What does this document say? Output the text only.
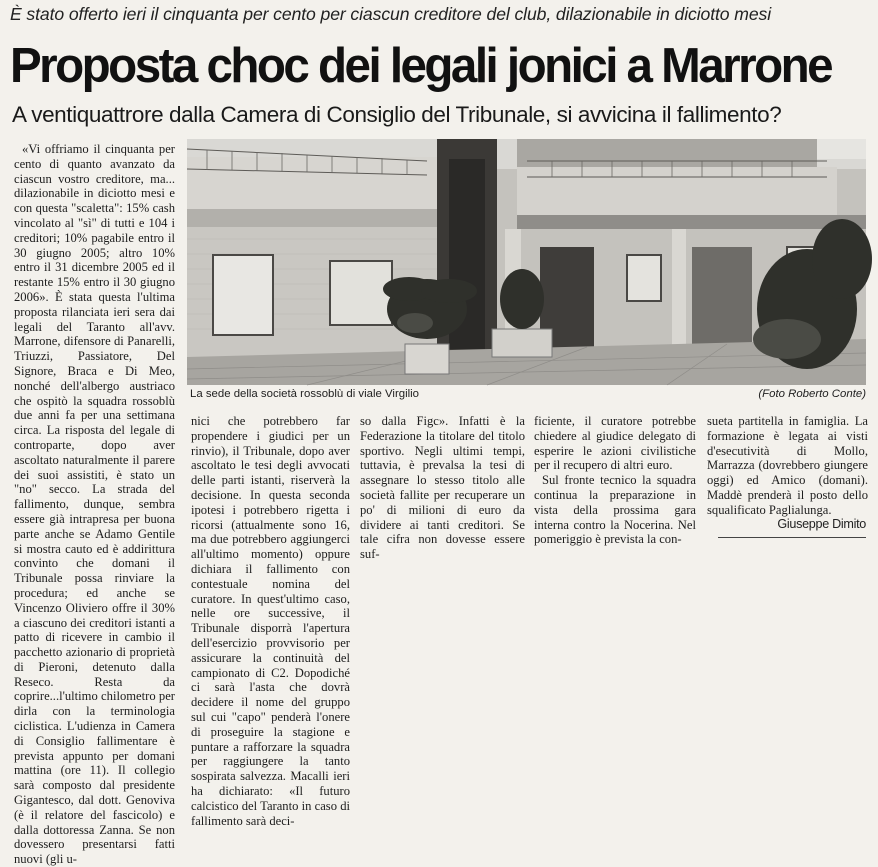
È stato offerto ieri il cinquanta per cento per ciascun creditore del club, dilazionabile in diciotto mesi
Proposta choc dei legali jonici a Marrone
A ventiquattrore dalla Camera di Consiglio del Tribunale, si avvicina il fallimento?

«Vi offriamo il cinquanta per cento di quanto avanzato da ciascun vostro creditore, ma... dilazionabile in diciotto mesi e con questa "scaletta": 15% cash vincolato al "sì" di tutti e 104 i creditori; 10% pagabile entro il 30 giugno 2005; altro 10% entro il 31 dicembre 2005 ed il restante 15% entro il 30 giugno 2006». È stata questa l'ultima proposta rilanciata ieri sera dai legali del Taranto all'avv. Marrone, difensore di Panarelli, Triuzzi, Passiatore, Del Signore, Braca e Di Meo, nonché dell'albergo austriaco che ospitò la squadra rossoblù due anni fa per una settimana circa. La risposta del legale di controparte, dopo aver ascoltato naturalmente il parere dei suoi assistiti, è stato un "no" secco. La strada del fallimento, dunque, sembra essere già intrapresa per buona parte anche se Adamo Gentile si mostra cauto ed è addirittura convinto che domani il Tribunale possa rinviare la procedura; ed anche se Vincenzo Oliviero offre il 30% a ciascuno dei creditori istanti a patto di ricevere in cambio il pacchetto azionario di proprietà di Pieroni, detenuto dalla Reseco. Resta da coprire...l'ultimo chilometro per dirla con la terminologia ciclistica. L'udienza in Camera di Consiglio fallimentare è prevista appunto per domani mattina (ore 11). Il collegio sarà composto dal presidente Gigantesco, dal dott. Genoviva (è il relatore del fascicolo) e dalla dottoressa Zanna. Se non dovessero presentarsi fatti nuovi (gli u-

La sede della società rossoblù di viale Virgilio	(Foto Roberto Conte)

nici che potrebbero far propendere i giudici per un rinvio), il Tribunale, dopo aver ascoltato le tesi degli avvocati delle parti istanti, riserverà la decisione. In questa seconda ipotesi i potrebbero rigetta i ricorsi (attualmente sono 16, ma due potrebbero aggiungerci all'ultimo momento) oppure dichiara il fallimento con contestuale nomina del curatore. In quest'ultimo caso, nelle ore successive, il Tribunale disporrà l'apertura dell'esercizio provvisorio per assicurare la continuità del campionato di C2. Dopodiché ci sarà l'asta che dovrà decidere il nome del gruppo sul cui "capo" penderà l'onere di proseguire la stagione e puntare a rafforzare la squadra per raggiungere la tanto sospirata salvezza. Macalli ieri ha dichiarato: «Il futuro calcistico del Taranto in caso di fallimento sarà deci-

so dalla Figc». Infatti è la Federazione la titolare del titolo sportivo. Negli ultimi tempi, tuttavia, è prevalsa la tesi di assegnare lo stesso titolo alle società fallite per recuperare un po' di milioni di euro da dividere ai tanti creditori. Se tale cifra non dovesse essere suf-

ficiente, il curatore potrebbe chiedere al giudice delegato di esperire le azioni civilistiche per il recupero di altri euro.

Sul fronte tecnico la squadra continua la preparazione in vista della prossima gara interna contro la Nocerina. Nel pomeriggio è prevista la con-

sueta partitella in famiglia. La formazione è legata ai visti d'esecutività di Mollo, Marrazza (dovrebbero giungere oggi) ed Amico (domani). Maddè prenderà il posto dello squalificato Paglialunga.

Giuseppe Dimito
